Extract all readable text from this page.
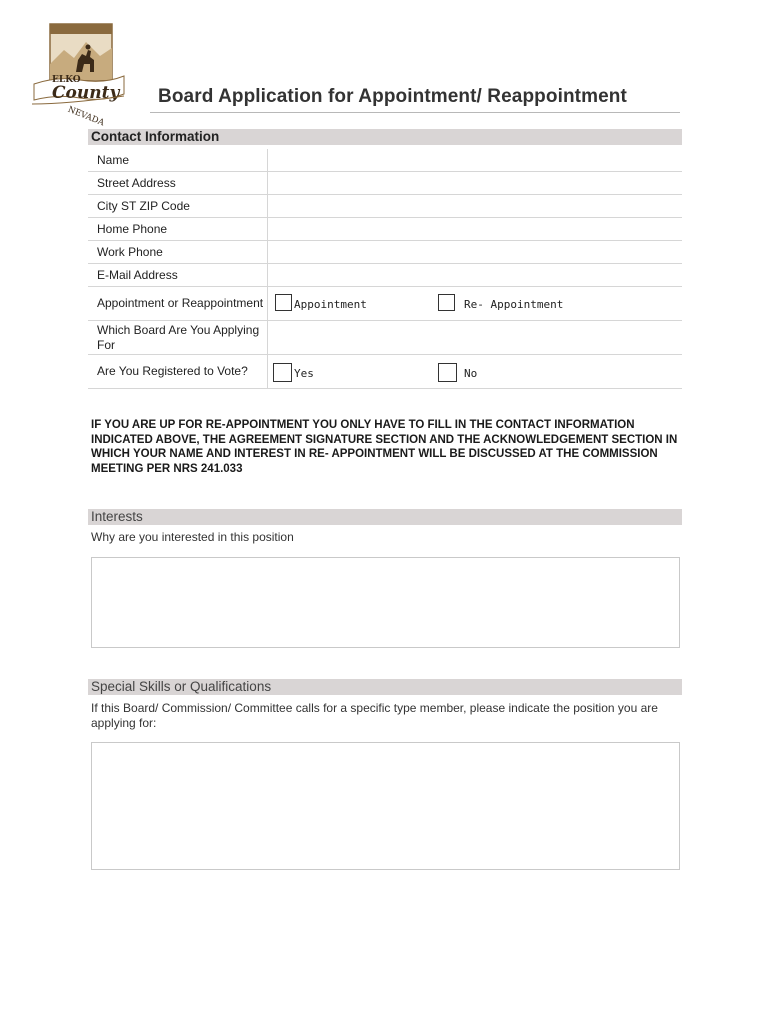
ELKO
County
NEVADA
Board Application for Appointment/ Reappointment
Contact Information
Name	
Street Address	
City ST ZIP Code	
Home Phone	
Work Phone	
E-Mail Address	
Appointment or Reappointment	Appointment Re- Appointment

Which Board Are You Applying For	
Are You Registered to Vote?	Yes No
IF YOU ARE UP FOR RE-APPOINTMENT YOU ONLY HAVE TO FILL IN THE CONTACT INFORMATION INDICATED ABOVE, THE AGREEMENT SIGNATURE SECTION AND THE ACKNOWLEDGEMENT SECTION IN WHICH YOUR NAME AND INTEREST IN RE- APPOINTMENT WILL BE DISCUSSED AT THE COMMISSION MEETING PER NRS 241.033
Interests
Why are you interested in this position
Special Skills or Qualifications
If this Board/ Commission/ Committee calls for a specific type member, please indicate the position you are applying for:
